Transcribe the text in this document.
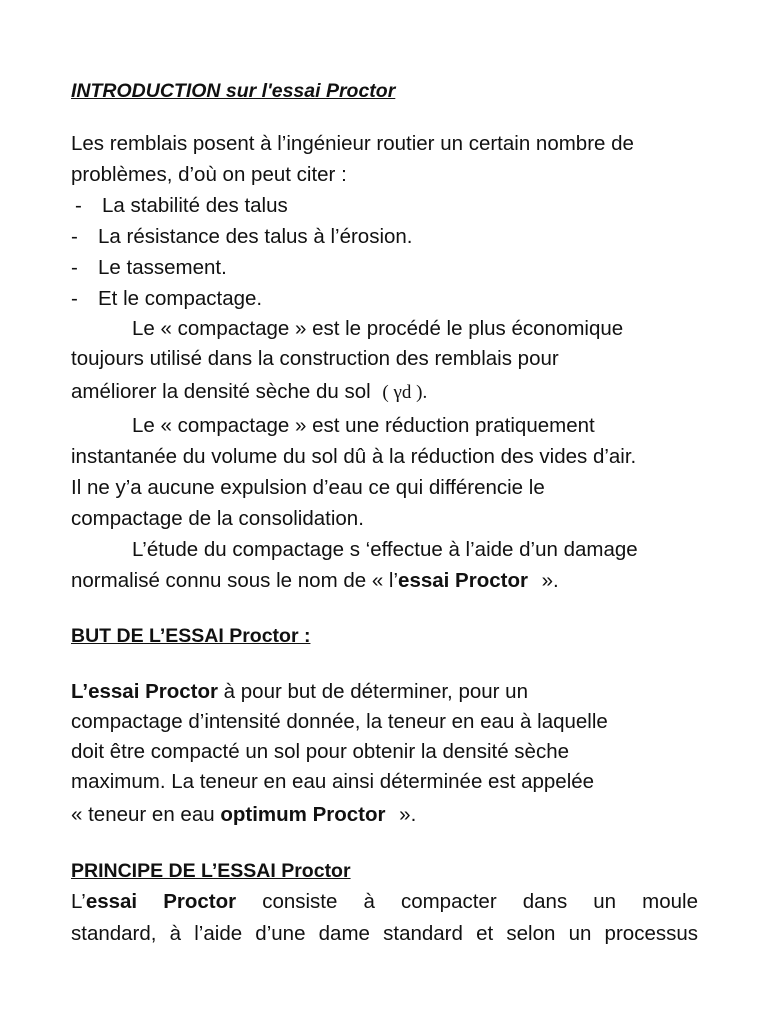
INTRODUCTION sur l'essai Proctor
Les remblais posent à l’ingénieur routier un certain nombre de
problèmes, d’où on peut citer :
- La stabilité des talus
- La résistance des talus à l’érosion.
- Le tassement.
- Et le compactage.
Le « compactage » est le procédé le plus économique
toujours utilisé dans la construction des remblais pour
améliorer la densité sèche du sol ( γd ).
Le « compactage » est une réduction pratiquement
instantanée du volume du sol dû à la réduction des vides d’air.
Il ne y’a aucune expulsion d’eau ce qui différencie le
compactage de la consolidation.
L’étude du compactage s ‘effectue à l’aide d’un damage
normalisé connu sous le nom de « l’essai Proctor ».
BUT DE L’ESSAI Proctor :
L’essai Proctor à pour but de déterminer, pour un
compactage d’intensité donnée, la teneur en eau à laquelle
doit être compacté un sol pour obtenir la densité sèche
maximum. La teneur en eau ainsi déterminée est appelée
« teneur en eau optimum Proctor ».
PRINCIPE DE L’ESSAI Proctor
L’essai Proctor consiste à compacter dans un moule
standard, à l’aide d’une dame standard et selon un processus
